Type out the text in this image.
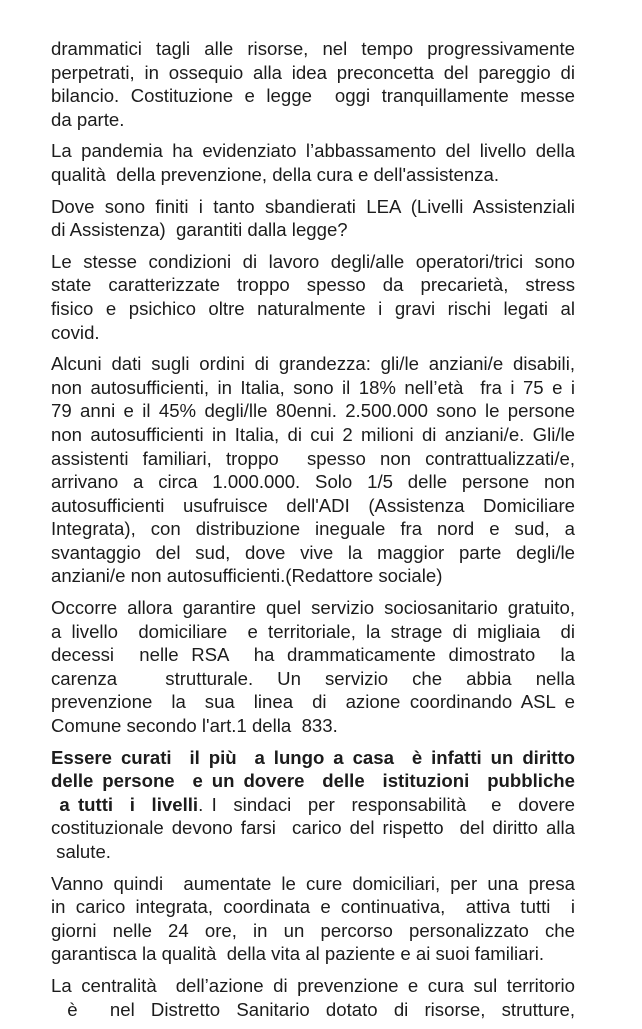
drammatici tagli alle risorse, nel tempo progressivamente
perpetrati, in ossequio alla idea preconcetta del pareggio di
bilancio. Costituzione e legge  oggi tranquillamente messe
da parte.
La pandemia ha evidenziato l’abbassamento del livello della
qualità  della prevenzione, della cura e dell'assistenza.
Dove sono finiti i tanto sbandierati LEA (Livelli Assistenziali
di Assistenza)  garantiti dalla legge?
Le stesse condizioni di lavoro degli/alle operatori/trici sono
state caratterizzate troppo spesso da precarietà, stress
fisico e psichico oltre naturalmente i gravi rischi legati al
covid.
Alcuni dati sugli ordini di grandezza: gli/le anziani/e disabili,
non autosufficienti, in Italia, sono il 18% nell’età  fra i 75 e i
79 anni e il 45% degli/lle 80enni. 2.500.000 sono le persone
non autosufficienti in Italia, di cui 2 milioni di anziani/e. Gli/le
assistenti familiari, troppo  spesso non contrattualizzati/e,
arrivano a circa 1.000.000. Solo 1/5 delle persone non
autosufficienti usufruisce dell'ADI (Assistenza Domiciliare
Integrata), con distribuzione ineguale fra nord e sud, a
svantaggio del sud, dove vive la maggior parte degli/le
anziani/e non autosufficienti.(Redattore sociale)
Occorre allora garantire quel servizio sociosanitario gratuito,
a livello  domiciliare  e territoriale, la strage di migliaia  di
decessi  nelle RSA  ha drammaticamente dimostrato  la
carenza    strutturale.  Un  servizio  che  abbia  nella
prevenzione  la  sua  linea  di  azione coordinando ASL e
Comune secondo l'art.1 della  833.
Essere curati  il più  a lungo a casa  è infatti un diritto
delle persone  e un dovere  delle  istituzioni  pubbliche
a tutti  i  livelli. I  sindaci  per  responsabilità   e  dovere
costituzionale devono farsi  carico del rispetto  del diritto alla
salute.
Vanno quindi  aumentate le cure domiciliari, per una presa
in carico integrata, coordinata e continuativa,  attiva tutti  i
giorni  nelle  24  ore,  in  un  percorso  personalizzato  che
garantisca la qualità  della vita al paziente e ai suoi familiari.
La centralità  dell’azione di prevenzione e cura sul territorio
è    nel  Distretto  Sanitario  dotato  di  risorse,  strutture,
